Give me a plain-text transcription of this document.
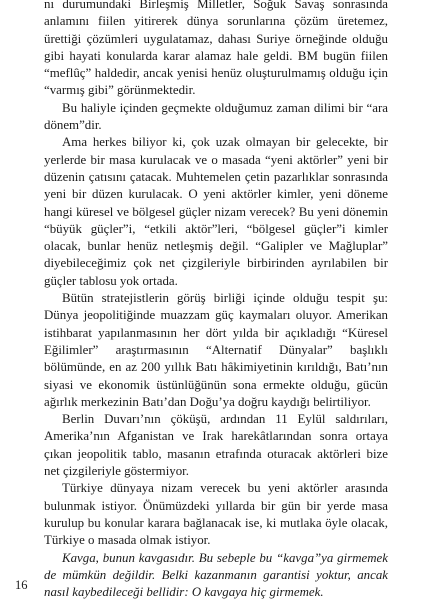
nı durumundaki Birleşmiş Milletler, Soğuk Savaş sonrasında anlamını fiilen yitirerek dünya sorunlarına çözüm üretemez, ürettiği çözümleri uygulatamaz, dahası Suriye örneğinde olduğu gibi hayati konularda karar alamaz hale geldi. BM bugün fiilen “meflûç” haldedir, ancak yenisi henüz oluşturulmamış olduğu için “varmış gibi” görünmektedir.

Bu haliyle içinden geçmekte olduğumuz zaman dilimi bir “ara dönem”dir.

Ama herkes biliyor ki, çok uzak olmayan bir gelecekte, bir yerlerde bir masa kurulacak ve o masada “yeni aktörler” yeni bir düzenin çatısını çatacak. Muhtemelen çetin pazarlıklar sonrasında yeni bir düzen kurulacak. O yeni aktörler kimler, yeni döneme hangi küresel ve bölgesel güçler nizam verecek? Bu yeni dönemin “büyük güçler”i, “etkili aktör”leri, “bölgesel güçler”i kimler olacak, bunlar henüz netleşmiş değil. “Galipler ve Mağluplar” diyebileceğimiz çok net çizgileriyle birbirinden ayrılabilen bir güçler tablosu yok ortada.

Bütün stratejistlerin görüş birliği içinde olduğu tespit şu: Dünya jeopolitiğinde muazzam güç kaymaları oluyor. Amerikan istihbarat yapılanmasının her dört yılda bir açıkladığı “Küresel Eğilimler” araştırmasının “Alternatif Dünyalar” başlıklı bölümünde, en az 200 yıllık Batı hâkimiyetinin kırıldığı, Batı’nın siyasi ve ekonomik üstünlüğünün sona ermekte olduğu, gücün ağırlık merkezinin Batı’dan Doğu’ya doğru kaydığı belirtiliyor.

Berlin Duvarı’nın çöküşü, ardından 11 Eylül saldırıları, Amerika’nın Afganistan ve Irak harekâtlarından sonra ortaya çıkan jeopolitik tablo, masanın etrafında oturacak aktörleri bize net çizgileriyle göstermiyor.

Türkiye dünyaya nizam verecek bu yeni aktörler arasında bulunmak istiyor. Önümüzdeki yıllarda bir gün bir yerde masa kurulup bu konular karara bağlanacak ise, ki mutlaka öyle olacak, Türkiye o masada olmak istiyor.

Kavga, bunun kavgasıdır. Bu sebeple bu “kavga”ya girmemek de mümkün değildir. Belki kazanmanın garantisi yoktur, ancak nasıl kaybedileceği bellidir: O kavgaya hiç girmemek.

16
